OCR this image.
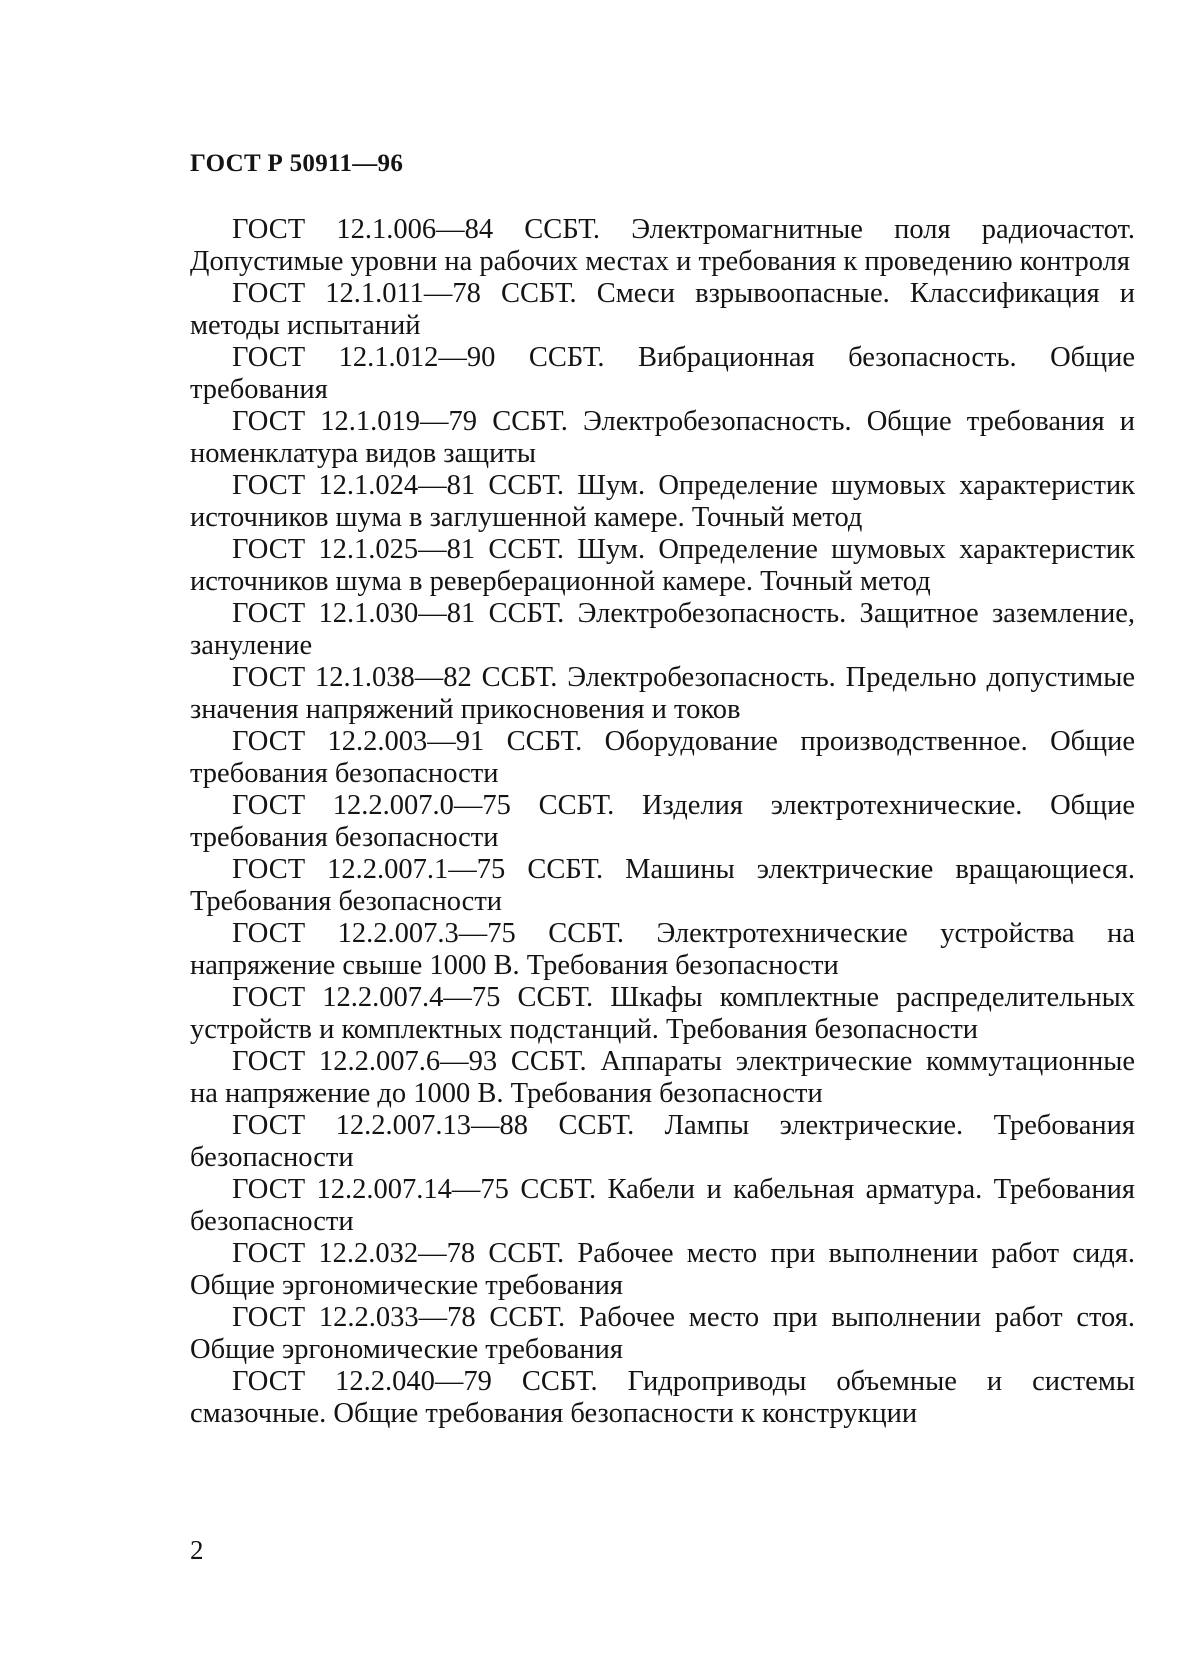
ГОСТ Р 50911—96
ГОСТ 12.1.006—84 ССБТ. Электромагнитные поля радиочастот. Допустимые уровни на рабочих местах и требования к проведению контроля
ГОСТ 12.1.011—78 ССБТ. Смеси взрывоопасные. Классификация и методы испытаний
ГОСТ 12.1.012—90 ССБТ. Вибрационная безопасность. Общие требования
ГОСТ 12.1.019—79 ССБТ. Электробезопасность. Общие требования и номенклатура видов защиты
ГОСТ 12.1.024—81 ССБТ. Шум. Определение шумовых характеристик источников шума в заглушенной камере. Точный метод
ГОСТ 12.1.025—81 ССБТ. Шум. Определение шумовых характеристик источников шума в реверберационной камере. Точный метод
ГОСТ 12.1.030—81 ССБТ. Электробезопасность. Защитное заземление, зануление
ГОСТ 12.1.038—82 ССБТ. Электробезопасность. Предельно допустимые значения напряжений прикосновения и токов
ГОСТ 12.2.003—91 ССБТ. Оборудование производственное. Общие требования безопасности
ГОСТ 12.2.007.0—75 ССБТ. Изделия электротехнические. Общие требования безопасности
ГОСТ 12.2.007.1—75 ССБТ. Машины электрические вращающиеся. Требования безопасности
ГОСТ 12.2.007.3—75 ССБТ. Электротехнические устройства на напряжение свыше 1000 В. Требования безопасности
ГОСТ 12.2.007.4—75 ССБТ. Шкафы комплектные распределительных устройств и комплектных подстанций. Требования безопасности
ГОСТ 12.2.007.6—93 ССБТ. Аппараты электрические коммутационные на напряжение до 1000 В. Требования безопасности
ГОСТ 12.2.007.13—88 ССБТ. Лампы электрические. Требования безопасности
ГОСТ 12.2.007.14—75 ССБТ. Кабели и кабельная арматура. Требования безопасности
ГОСТ 12.2.032—78 ССБТ. Рабочее место при выполнении работ сидя. Общие эргономические требования
ГОСТ 12.2.033—78 ССБТ. Рабочее место при выполнении работ стоя. Общие эргономические требования
ГОСТ 12.2.040—79 ССБТ. Гидроприводы объемные и системы смазочные. Общие требования безопасности к конструкции
2
